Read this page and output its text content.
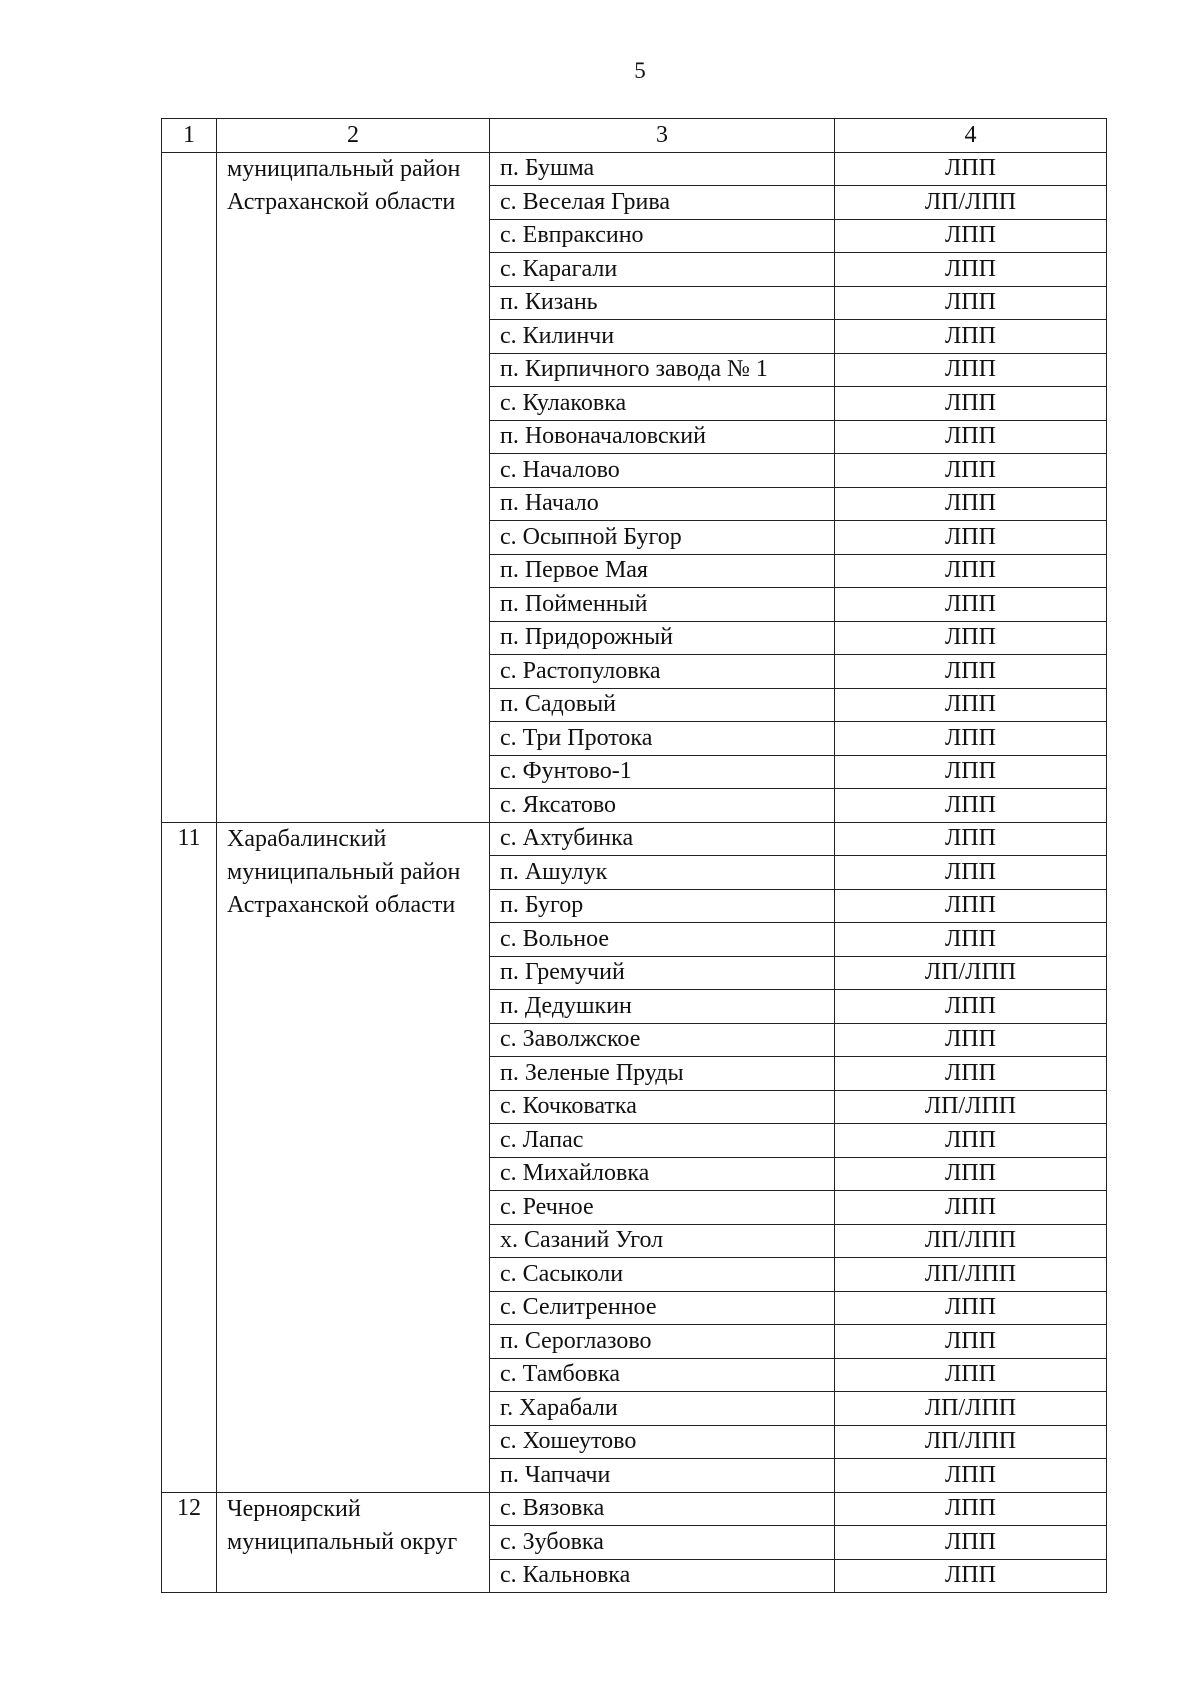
5
1	2	3	4
	муниципальный район Астраханской области	п. Бушма	ЛПП
		с. Веселая Грива	ЛП/ЛПП
		с. Евпраксино	ЛПП
		с. Карагали	ЛПП
		п. Кизань	ЛПП
		с. Килинчи	ЛПП
		п. Кирпичного завода № 1	ЛПП
		с. Кулаковка	ЛПП
		п. Новоначаловский	ЛПП
		с. Началово	ЛПП
		п. Начало	ЛПП
		с. Осыпной Бугор	ЛПП
		п. Первое Мая	ЛПП
		п. Пойменный	ЛПП
		п. Придорожный	ЛПП
		с. Растопуловка	ЛПП
		п. Садовый	ЛПП
		с. Три Протока	ЛПП
		с. Фунтово-1	ЛПП
		с. Яксатово	ЛПП
11	Харабалинский муниципальный район Астраханской области	с. Ахтубинка	ЛПП
		п. Ашулук	ЛПП
		п. Бугор	ЛПП
		с. Вольное	ЛПП
		п. Гремучий	ЛП/ЛПП
		п. Дедушкин	ЛПП
		с. Заволжское	ЛПП
		п. Зеленые Пруды	ЛПП
		с. Кочковатка	ЛП/ЛПП
		с. Лапас	ЛПП
		с. Михайловка	ЛПП
		с. Речное	ЛПП
		х. Сазаний Угол	ЛП/ЛПП
		с. Сасыколи	ЛП/ЛПП
		с. Селитренное	ЛПП
		п. Сероглазово	ЛПП
		с. Тамбовка	ЛПП
		г. Харабали	ЛП/ЛПП
		с. Хошеутово	ЛП/ЛПП
		п. Чапчачи	ЛПП
12	Черноярский муниципальный округ	с. Вязовка	ЛПП
		с. Зубовка	ЛПП
		с. Кальновка	ЛПП
